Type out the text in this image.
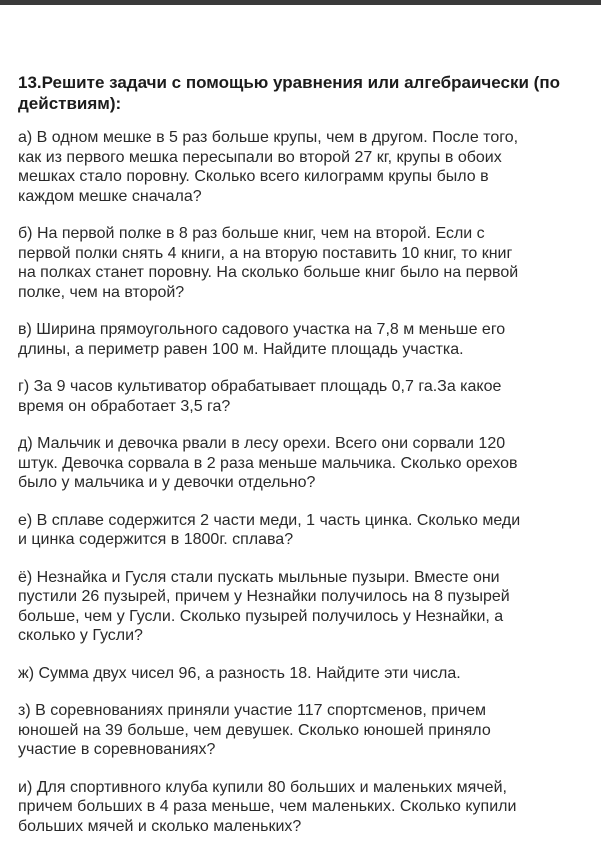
13.Решите задачи с помощью уравнения или алгебраически (по
действиям):
а) В одном мешке в 5 раз больше крупы, чем в другом. После того,
как из первого мешка пересыпали во второй 27 кг, крупы в обоих
мешках стало поровну. Сколько всего килограмм крупы было в
каждом мешке сначала?
б) На первой полке в 8 раз больше книг, чем на второй. Если с
первой полки снять 4 книги, а на вторую поставить 10 книг, то книг
на полках станет поровну. На сколько больше книг было на первой
полке, чем на второй?
в) Ширина прямоугольного садового участка на 7,8 м меньше его
длины, а периметр равен 100 м. Найдите площадь участка.
г) За 9 часов культиватор обрабатывает площадь 0,7 га.За какое
время он обработает 3,5 га?
д) Мальчик и девочка рвали в лесу орехи. Всего они сорвали 120
штук. Девочка сорвала в 2 раза меньше мальчика. Сколько орехов
было у мальчика и у девочки отдельно?
е) В сплаве содержится 2 части меди, 1 часть цинка. Сколько меди
и цинка содержится в 1800г. сплава?
ё) Незнайка и Гусля стали пускать мыльные пузыри. Вместе они
пустили 26 пузырей, причем у Незнайки получилось на 8 пузырей
больше, чем у Гусли. Сколько пузырей получилось у Незнайки, а
сколько у Гусли?
ж) Сумма двух чисел 96, а разность 18. Найдите эти числа.
з) В соревнованиях приняли участие 117 спортсменов, причем
юношей на 39 больше, чем девушек. Сколько юношей приняло
участие в соревнованиях?
и) Для спортивного клуба купили 80 больших и маленьких мячей,
причем больших в 4 раза меньше, чем маленьких. Сколько купили
больших мячей и сколько маленьких?
